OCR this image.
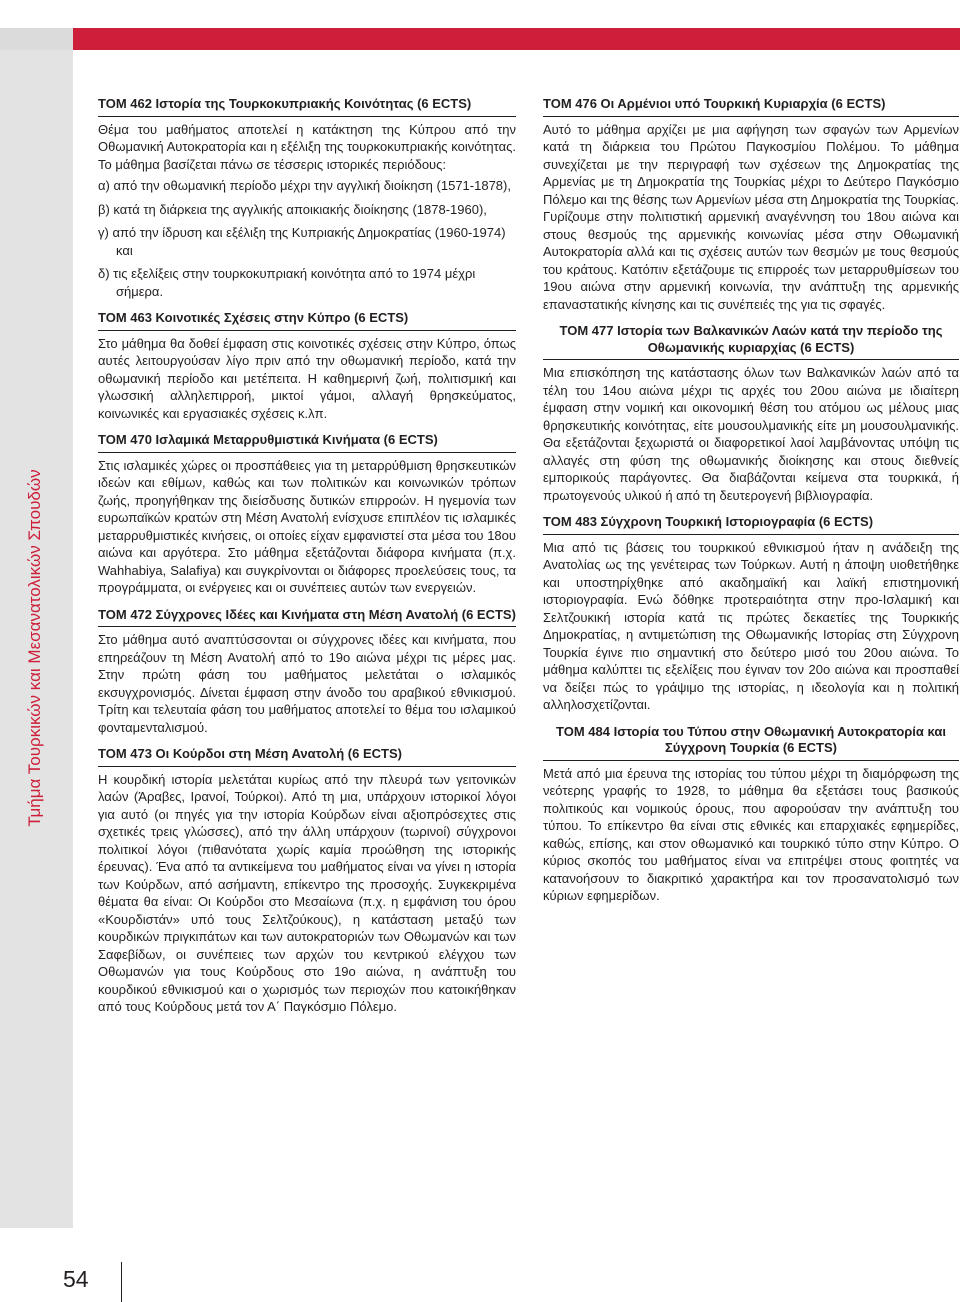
Τμήμα Τουρκικών και Μεσανατολικών Σπουδών
ΤΟΜ 462 Ιστορία της Τουρκοκυπριακής Κοινότητας (6 ECTS)

Θέμα του μαθήματος αποτελεί η κατάκτηση της Κύπρου από την Οθωμανική Αυτοκρατορία και η εξέλιξη της τουρκοκυπριακής κοινότητας. Το μάθημα βασίζεται πάνω σε τέσσερις ιστορικές περιόδους:

α) από την οθωμανική περίοδο μέχρι την αγγλική διοίκηση (1571-1878),
β) κατά τη διάρκεια της αγγλικής αποικιακής διοίκησης (1878-1960),
γ) από την ίδρυση και εξέλιξη της Κυπριακής Δημοκρατίας (1960-1974) και
δ) τις εξελίξεις στην τουρκοκυπριακή κοινότητα από το 1974 μέχρι σήμερα.
ΤΟΜ 463 Κοινοτικές Σχέσεις στην Κύπρο (6 ECTS)

Στο μάθημα θα δοθεί έμφαση στις κοινοτικές σχέσεις στην Κύπρο, όπως αυτές λειτουργούσαν λίγο πριν από την οθωμανική περίοδο, κατά την οθωμανική περίοδο και μετέπειτα. Η καθημερινή ζωή, πολιτισμική και γλωσσική αλληλεπιρροή, μικτοί γάμοι, αλλαγή θρησκεύματος, κοινωνικές και εργασιακές σχέσεις κ.λπ.

ΤΟΜ 470 Ισλαμικά Μεταρρυθμιστικά Κινήματα (6 ECTS)

Στις ισλαμικές χώρες οι προσπάθειες για τη μεταρρύθμιση θρησκευτικών ιδεών και εθίμων, καθώς και των πολιτικών και κοινωνικών τρόπων ζωής, προηγήθηκαν της διείσδυσης δυτικών επιρροών. Η ηγεμονία των ευρωπαϊκών κρατών στη Μέση Ανατολή ενίσχυσε επιπλέον τις ισλαμικές μεταρρυθμιστικές κινήσεις, οι οποίες είχαν εμφανιστεί στα μέσα του 18ου αιώνα και αργότερα. Στο μάθημα εξετάζονται διάφορα κινήματα (π.χ. Wahhabiya, Salafiya) και συγκρίνονται οι διάφορες προελεύσεις τους, τα προγράμματα, οι ενέργειες και οι συνέπειες αυτών των ενεργειών.

ΤΟΜ 472 Σύγχρονες Ιδέες και Κινήματα στη Μέση Ανατολή (6 ECTS)

Στο μάθημα αυτό αναπτύσσονται οι σύγχρονες ιδέες και κινήματα, που επηρεάζουν τη Μέση Ανατολή από το 19ο αιώνα μέχρι τις μέρες μας. Στην πρώτη φάση του μαθήματος μελετάται ο ισλαμικός εκσυγχρονισμός. Δίνεται έμφαση στην άνοδο του αραβικού εθνικισμού. Τρίτη και τελευταία φάση του μαθήματος αποτελεί το θέμα του ισλαμικού φονταμενταλισμού.

ΤΟΜ 473 Οι Κούρδοι στη Μέση Ανατολή (6 ECTS)

Η κουρδική ιστορία μελετάται κυρίως από την πλευρά των γειτονικών λαών (Άραβες, Ιρανοί, Τούρκοι). Από τη μια, υπάρχουν ιστορικοί λόγοι για αυτό (οι πηγές για την ιστορία Κούρδων είναι αξιοπρόσεχτες στις σχετικές τρεις γλώσσες), από την άλλη υπάρχουν (τωρινοί) σύγχρονοι πολιτικοί λόγοι (πιθανότατα χωρίς καμία προώθηση της ιστορικής έρευνας). Ένα από τα αντικείμενα του μαθήματος είναι να γίνει η ιστορία των Κούρδων, από ασήμαντη, επίκεντρο της προσοχής. Συγκεκριμένα θέματα θα είναι: Οι Κούρδοι στο Μεσαίωνα (π.χ. η εμφάνιση του όρου «Κουρδιστάν» υπό τους Σελτζούκους), η κατάσταση μεταξύ των κουρδικών πριγκιπάτων και των αυτοκρατοριών των Οθωμανών και των Σαφεβίδων, οι συνέπειες των αρχών του κεντρικού ελέγχου των Οθωμανών για τους Κούρδους στο 19ο αιώνα, η ανάπτυξη του κουρδικού εθνικισμού και ο χωρισμός των περιοχών που κατοικήθηκαν από τους Κούρδους μετά τον Α΄ Παγκόσμιο Πόλεμο.

ΤΟΜ 476 Οι Αρμένιοι υπό Τουρκική Κυριαρχία (6 ECTS)

Αυτό το μάθημα αρχίζει με μια αφήγηση των σφαγών των Αρμενίων κατά τη διάρκεια του Πρώτου Παγκοσμίου Πολέμου. Το μάθημα συνεχίζεται με την περιγραφή των σχέσεων της Δημοκρατίας της Αρμενίας με τη Δημοκρατία της Τουρκίας μέχρι το Δεύτερο Παγκόσμιο Πόλεμο και της θέσης των Αρμενίων μέσα στη Δημοκρατία της Τουρκίας. Γυρίζουμε στην πολιτιστική αρμενική αναγέννηση του 18ου αιώνα και στους θεσμούς της αρμενικής κοινωνίας μέσα στην Οθωμανική Αυτοκρατορία αλλά και τις σχέσεις αυτών των θεσμών με τους θεσμούς του κράτους. Κατόπιν εξετάζουμε τις επιρροές των μεταρρυθμίσεων του 19ου αιώνα στην αρμενική κοινωνία, την ανάπτυξη της αρμενικής επαναστατικής κίνησης και τις συνέπειές της για τις σφαγές.

ΤΟΜ 477 Ιστορία των Βαλκανικών Λαών κατά την περίοδο της Οθωμανικής κυριαρχίας (6 ECTS)

Μια επισκόπηση της κατάστασης όλων των Βαλκανικών λαών από τα τέλη του 14ου αιώνα μέχρι τις αρχές του 20ου αιώνα με ιδιαίτερη έμφαση στην νομική και οικονομική θέση του ατόμου ως μέλους μιας θρησκευτικής κοινότητας, είτε μουσουλμανικής είτε μη μουσουλμανικής. Θα εξετάζονται ξεχωριστά οι διαφορετικοί λαοί λαμβάνοντας υπόψη τις αλλαγές στη φύση της οθωμανικής διοίκησης και στους διεθνείς εμπορικούς παράγοντες. Θα διαβάζονται κείμενα στα τουρκικά, ή πρωτογενούς υλικού ή από τη δευτερογενή βιβλιογραφία.

ΤΟΜ 483 Σύγχρονη Τουρκική Ιστοριογραφία (6 ECTS)

Μια από τις βάσεις του τουρκικού εθνικισμού ήταν η ανάδειξη της Ανατολίας ως της γενέτειρας των Τούρκων. Αυτή η άποψη υιοθετήθηκε και υποστηρίχθηκε από ακαδημαϊκή και λαϊκή επιστημονική ιστοριογραφία. Ενώ δόθηκε προτεραιότητα στην προ-Ισλαμική και Σελτζουκική ιστορία κατά τις πρώτες δεκαετίες της Τουρκικής Δημοκρατίας, η αντιμετώπιση της Οθωμανικής Ιστορίας στη Σύγχρονη Τουρκία έγινε πιο σημαντική στο δεύτερο μισό του 20ου αιώνα. Το μάθημα καλύπτει τις εξελίξεις που έγιναν τον 20ο αιώνα και προσπαθεί να δείξει πώς το γράψιμο της ιστορίας, η ιδεολογία και η πολιτική αλληλοσχετίζονται.

ΤΟΜ 484 Ιστορία του Τύπου στην Οθωμανική Αυτοκρατορία και Σύγχρονη Τουρκία (6 ECTS)

Μετά από μια έρευνα της ιστορίας του τύπου μέχρι τη διαμόρφωση της νεότερης γραφής το 1928, το μάθημα θα εξετάσει τους βασικούς πολιτικούς και νομικούς όρους, που αφορούσαν την ανάπτυξη του τύπου. Το επίκεντρο θα είναι στις εθνικές και επαρχιακές εφημερίδες, καθώς, επίσης, και στον οθωμανικό και τουρκικό τύπο στην Κύπρο. Ο κύριος σκοπός του μαθήματος είναι να επιτρέψει στους φοιτητές να κατανοήσουν το διακριτικό χαρακτήρα και τον προσανατολισμό των κύριων εφημερίδων.

54
